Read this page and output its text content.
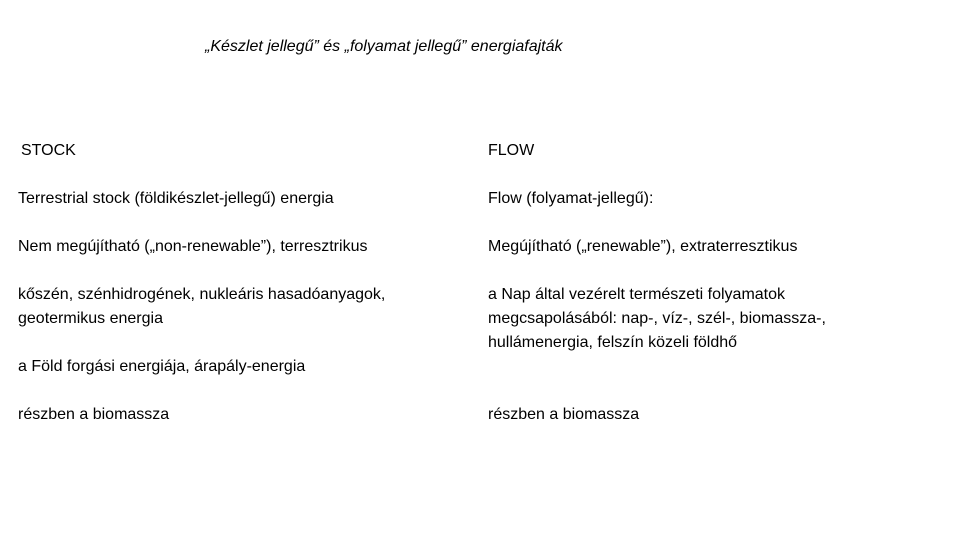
„Készlet jellegű” és „folyamat jellegű” energiafajták
STOCK
Terrestrial stock (földikészlet-jellegű) energia
Nem megújítható („non-renewable”), terresztrikus
kőszén, szénhidrogének, nukleáris hasadóanyagok,
geotermikus energia
a Föld forgási energiája, árapály-energia
részben a biomassza
FLOW
Flow (folyamat-jellegű):
Megújítható („renewable”), extraterresztikus
a Nap által vezérelt természeti folyamatok
megcsapolásából: nap-, víz-, szél-, biomassza-,
hullámenergia, felszín közeli földhő
részben a biomassza
